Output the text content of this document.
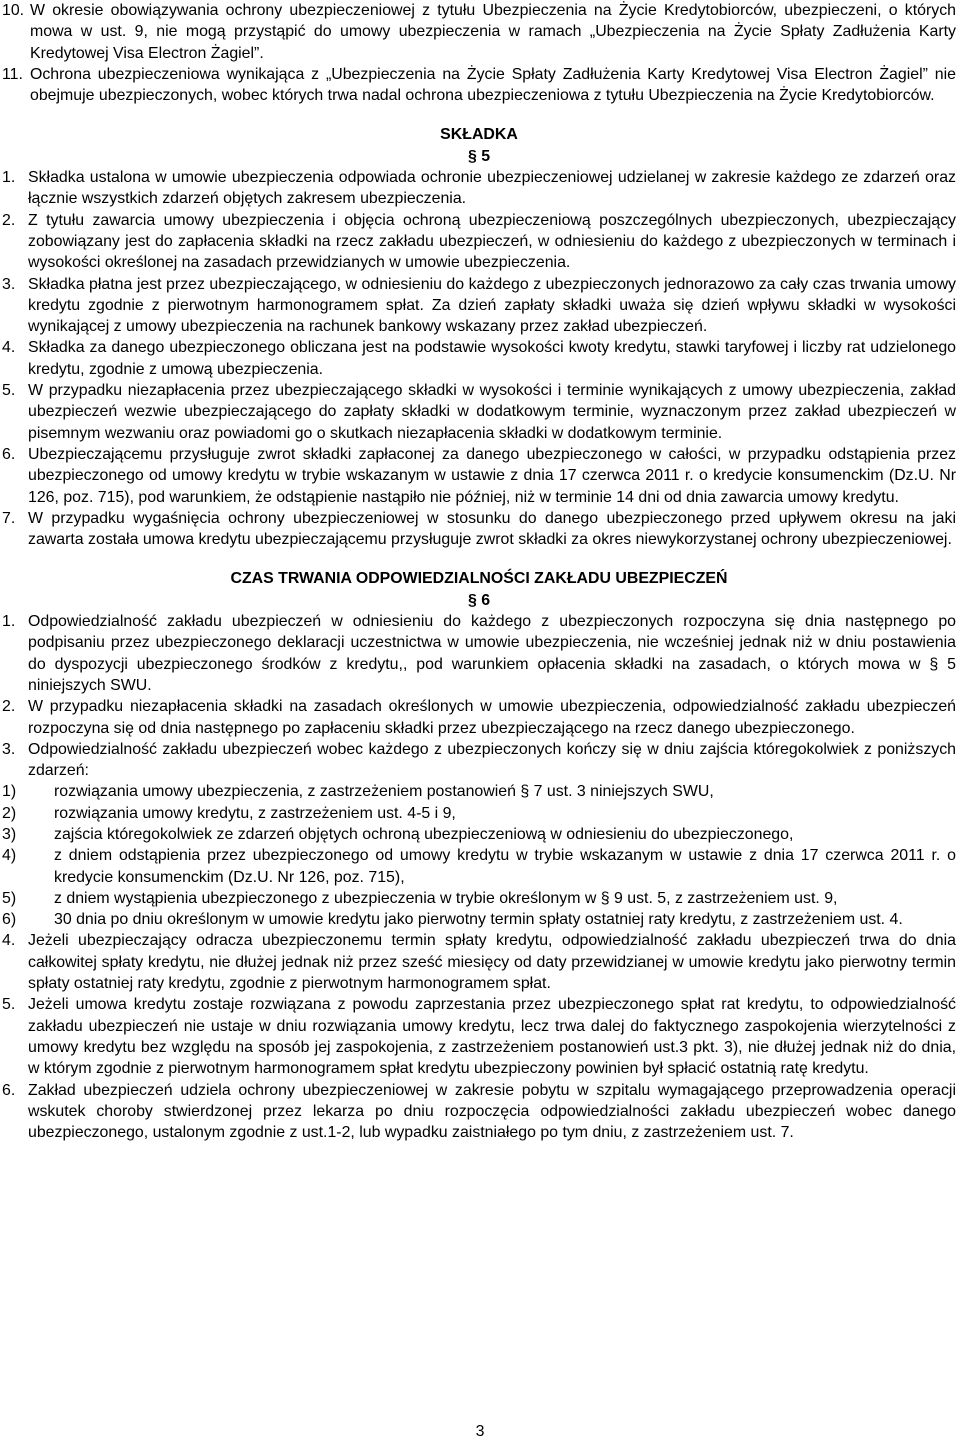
10. W okresie obowiązywania ochrony ubezpieczeniowej z tytułu Ubezpieczenia na Życie Kredytobiorców, ubezpieczeni, o których mowa w ust. 9, nie mogą przystąpić do umowy ubezpieczenia w ramach „Ubezpieczenia na Życie Spłaty Zadłużenia Karty Kredytowej Visa Electron Żagiel”.
11. Ochrona ubezpieczeniowa wynikająca z „Ubezpieczenia na Życie Spłaty Zadłużenia Karty Kredytowej Visa Electron Żagiel” nie obejmuje ubezpieczonych, wobec których trwa nadal ochrona ubezpieczeniowa z tytułu Ubezpieczenia na Życie Kredytobiorców.
SKŁADKA
§ 5
1. Składka ustalona w umowie ubezpieczenia odpowiada ochronie ubezpieczeniowej udzielanej w zakresie każdego ze zdarzeń oraz łącznie wszystkich zdarzeń objętych zakresem ubezpieczenia.
2. Z tytułu zawarcia umowy ubezpieczenia i objęcia ochroną ubezpieczeniową poszczególnych ubezpieczonych, ubezpieczający zobowiązany jest do zapłacenia składki na rzecz zakładu ubezpieczeń, w odniesieniu do każdego z ubezpieczonych w terminach i wysokości określonej na zasadach przewidzianych w umowie ubezpieczenia.
3. Składka płatna jest przez ubezpieczającego, w odniesieniu do każdego z ubezpieczonych jednorazowo za cały czas trwania umowy kredytu zgodnie z pierwotnym harmonogramem spłat. Za dzień zapłaty składki uważa się dzień wpływu składki w wysokości wynikającej z umowy ubezpieczenia na rachunek bankowy wskazany przez zakład ubezpieczeń.
4. Składka za danego ubezpieczonego obliczana jest na podstawie wysokości kwoty kredytu, stawki taryfowej i liczby rat udzielonego kredytu, zgodnie z umową ubezpieczenia.
5. W przypadku niezapłacenia przez ubezpieczającego składki w wysokości i terminie wynikających z umowy ubezpieczenia, zakład ubezpieczeń wezwie ubezpieczającego do zapłaty składki w dodatkowym terminie, wyznaczonym przez zakład ubezpieczeń w pisemnym wezwaniu oraz powiadomi go o skutkach niezapłacenia składki w dodatkowym terminie.
6. Ubezpieczającemu przysługuje zwrot składki zapłaconej za danego ubezpieczonego w całości, w przypadku odstąpienia przez ubezpieczonego od umowy kredytu w trybie wskazanym w ustawie z dnia 17 czerwca 2011 r. o kredycie konsumenckim (Dz.U. Nr 126, poz. 715), pod warunkiem, że odstąpienie nastąpiło nie później, niż w terminie 14 dni od dnia zawarcia umowy kredytu.
7. W przypadku wygaśnięcia ochrony ubezpieczeniowej w stosunku do danego ubezpieczonego przed upływem okresu na jaki zawarta została umowa kredytu ubezpieczającemu przysługuje zwrot składki za okres niewykorzystanej ochrony ubezpieczeniowej.
CZAS TRWANIA ODPOWIEDZIALNOŚCI ZAKŁADU UBEZPIECZEŃ
§ 6
1. Odpowiedzialność zakładu ubezpieczeń w odniesieniu do każdego z ubezpieczonych rozpoczyna się dnia następnego po podpisaniu przez ubezpieczonego deklaracji uczestnictwa w umowie ubezpieczenia, nie wcześniej jednak niż w dniu postawienia do dyspozycji ubezpieczonego środków z kredytu,, pod warunkiem opłacenia składki na zasadach, o których mowa w § 5 niniejszych SWU.
2. W przypadku niezapłacenia składki na zasadach określonych w umowie ubezpieczenia, odpowiedzialność zakładu ubezpieczeń rozpoczyna się od dnia następnego po zapłaceniu składki przez ubezpieczającego na rzecz danego ubezpieczonego.
3. Odpowiedzialność zakładu ubezpieczeń wobec każdego z ubezpieczonych kończy się w dniu zajścia któregokolwiek z poniższych zdarzeń:
1)	rozwiązania umowy ubezpieczenia, z zastrzeżeniem postanowień § 7 ust. 3 niniejszych SWU,
2)	rozwiązania umowy kredytu, z zastrzeżeniem ust. 4-5 i 9,
3)	zajścia któregokolwiek ze zdarzeń objętych ochroną ubezpieczeniową w odniesieniu do ubezpieczonego,
4)	z dniem odstąpienia przez ubezpieczonego od umowy kredytu w trybie wskazanym w ustawie z dnia 17 czerwca 2011 r. o kredycie konsumenckim (Dz.U. Nr 126, poz. 715),
5)	z dniem wystąpienia ubezpieczonego z ubezpieczenia w trybie określonym w § 9 ust. 5, z zastrzeżeniem ust. 9,
6)	30 dnia po dniu określonym w umowie kredytu jako pierwotny termin spłaty ostatniej raty kredytu, z zastrzeżeniem ust. 4.
4. Jeżeli ubezpieczający odracza ubezpieczonemu termin spłaty kredytu, odpowiedzialność zakładu ubezpieczeń trwa do dnia całkowitej spłaty kredytu, nie dłużej jednak niż przez sześć miesięcy od daty przewidzianej w umowie kredytu jako pierwotny termin spłaty ostatniej raty kredytu, zgodnie z pierwotnym harmonogramem spłat.
5. Jeżeli umowa kredytu zostaje rozwiązana z powodu zaprzestania przez ubezpieczonego spłat rat kredytu, to odpowiedzialność zakładu ubezpieczeń nie ustaje w dniu rozwiązania umowy kredytu, lecz trwa dalej do faktycznego zaspokojenia wierzytelności z umowy kredytu bez względu na sposób jej zaspokojenia, z zastrzeżeniem postanowień ust.3 pkt. 3), nie dłużej jednak niż do dnia, w którym zgodnie z pierwotnym harmonogramem spłat kredytu ubezpieczony powinien był spłacić ostatnią ratę kredytu.
6. Zakład ubezpieczeń udziela ochrony ubezpieczeniowej w zakresie pobytu w szpitalu wymagającego przeprowadzenia operacji wskutek choroby stwierdzonej przez lekarza po dniu rozpoczęcia odpowiedzialności zakładu ubezpieczeń wobec danego ubezpieczonego, ustalonym zgodnie z ust.1-2, lub wypadku zaistniałego po tym dniu, z zastrzeżeniem ust. 7.
3
